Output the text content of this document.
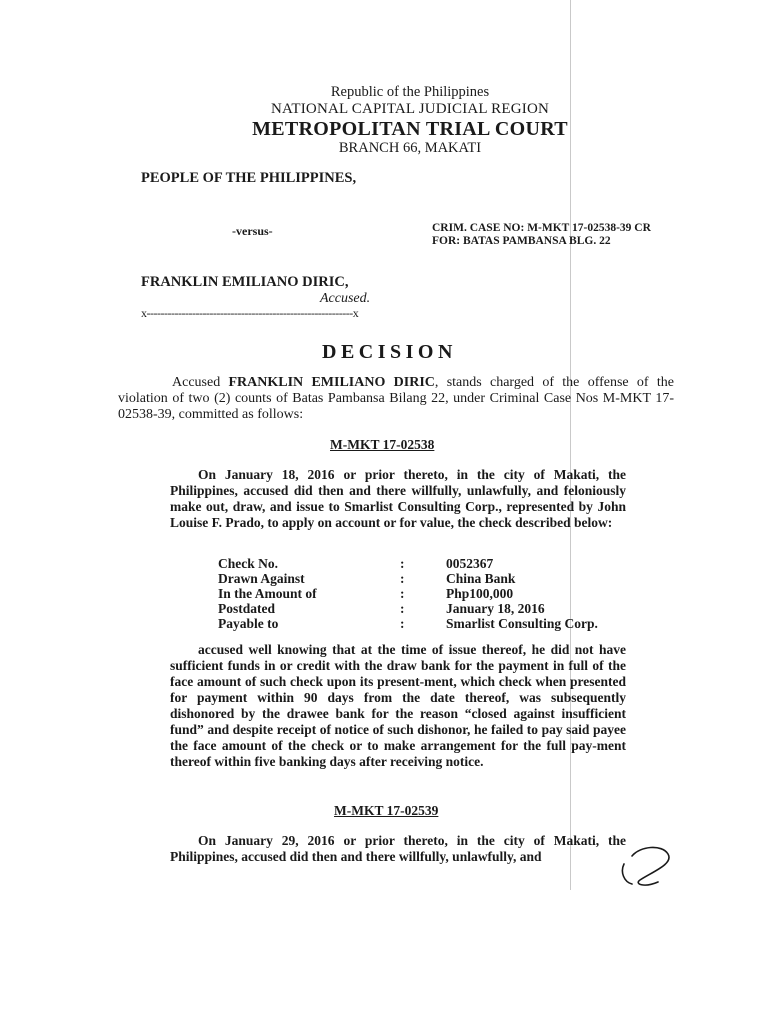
Republic of the Philippines
NATIONAL CAPITAL JUDICIAL REGION
METROPOLITAN TRIAL COURT
BRANCH 66, MAKATI
PEOPLE OF THE PHILIPPINES,
-versus-	CRIM. CASE NO: M-MKT 17-02538-39 CR
FOR: BATAS PAMBANSA BLG. 22
FRANKLIN EMILIANO DIRIC,
Accused.
x-----------------------------------------------------------x
DECISION
Accused FRANKLIN EMILIANO DIRIC, stands charged of the offense of the violation of two (2) counts of Batas Pambansa Bilang 22, under Criminal Case Nos M-MKT 17-02538-39, committed as follows:
M-MKT 17-02538
On January 18, 2016 or prior thereto, in the city of Makati, the Philippines, accused did then and there willfully, unlawfully, and feloniously make out, draw, and issue to Smarlist Consulting Corp., represented by John Louise F. Prado, to apply on account or for value, the check described below:
Check No.	:	0052367
Drawn Against	:	China Bank
In the Amount of	:	Php100,000
Postdated	:	January 18, 2016
Payable to	:	Smarlist Consulting Corp.
accused well knowing that at the time of issue thereof, he did not have sufficient funds in or credit with the draw bank for the payment in full of the face amount of such check upon its present-ment, which check when presented for payment within 90 days from the date thereof, was subsequently dishonored by the drawee bank for the reason “closed against insufficient fund” and despite receipt of notice of such dishonor, he failed to pay said payee the face amount of the check or to make arrangement for the full pay-ment thereof within five banking days after receiving notice.
M-MKT 17-02539
On January 29, 2016 or prior thereto, in the city of Makati, the Philippines, accused did then and there willfully, unlawfully, and
